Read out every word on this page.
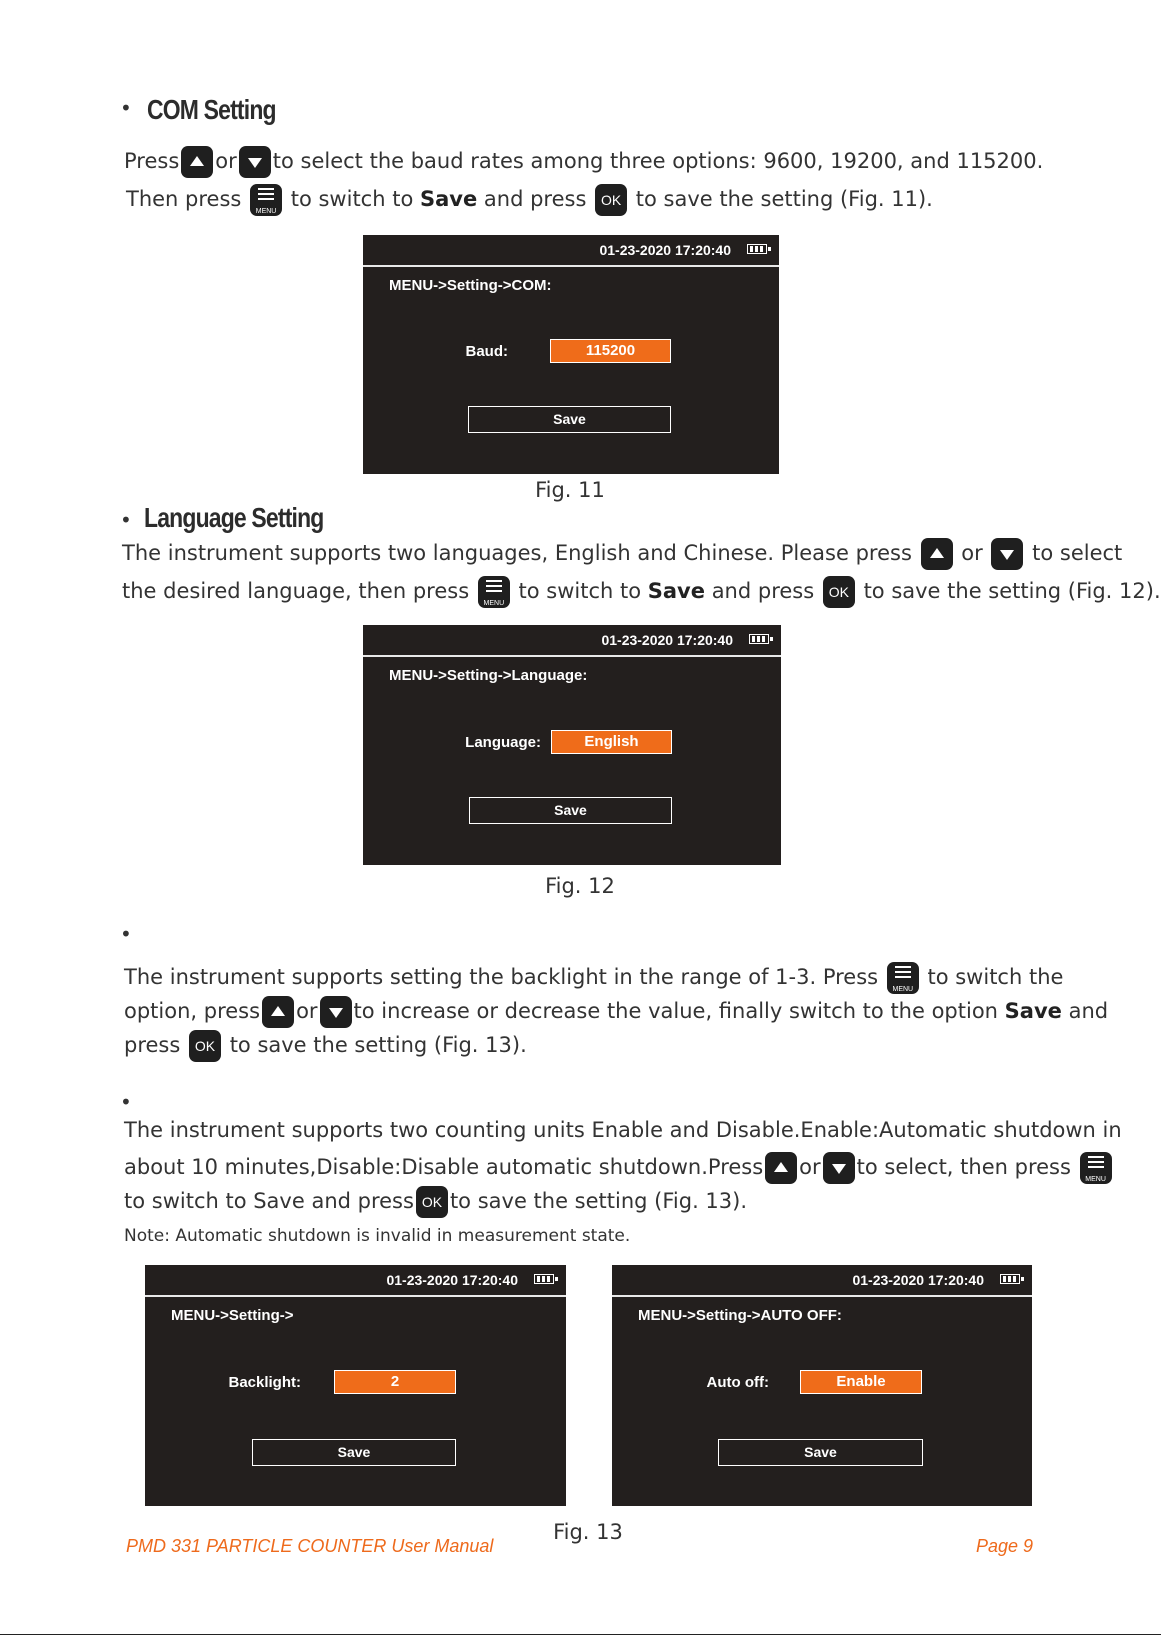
• COM Setting
Press or to select the baud rates among three options: 9600, 19200, and 115200.
Then press
MENU
to switch to Save and press OK to save the setting (Fig. 11).
01-23-2020 17:20:40
MENU->Setting->COM:
Baud:	115200
Save
Fig. 11
• Language Setting
The instrument supports two languages, English and Chinese. Please press or to select
the desired language, then press
MENU
to switch to Save and press OK to save the setting (Fig. 12).
01-23-2020 17:20:40
MENU->Setting->Language:
Language:	English
Save
Fig. 12
•
The instrument supports setting the backlight in the range of 1-3. Press
MENU
to switch the
option, press or to increase or decrease the value, finally switch to the option Save and
press OK to save the setting (Fig. 13).
•
The instrument supports two counting units Enable and Disable.Enable:Automatic shutdown in
about 10 minutes,Disable:Disable automatic shutdown.Press or to select, then press
MENU
to switch to Save and press OK to save the setting (Fig. 13).
Note: Automatic shutdown is invalid in measurement state.
01-23-2020 17:20:40
MENU->Setting->
Backlight:	2
Save
01-23-2020 17:20:40
MENU->Setting->AUTO OFF:
Auto off:	Enable
Save
Fig. 13
PMD 331 PARTICLE COUNTER User Manual	Page 9
